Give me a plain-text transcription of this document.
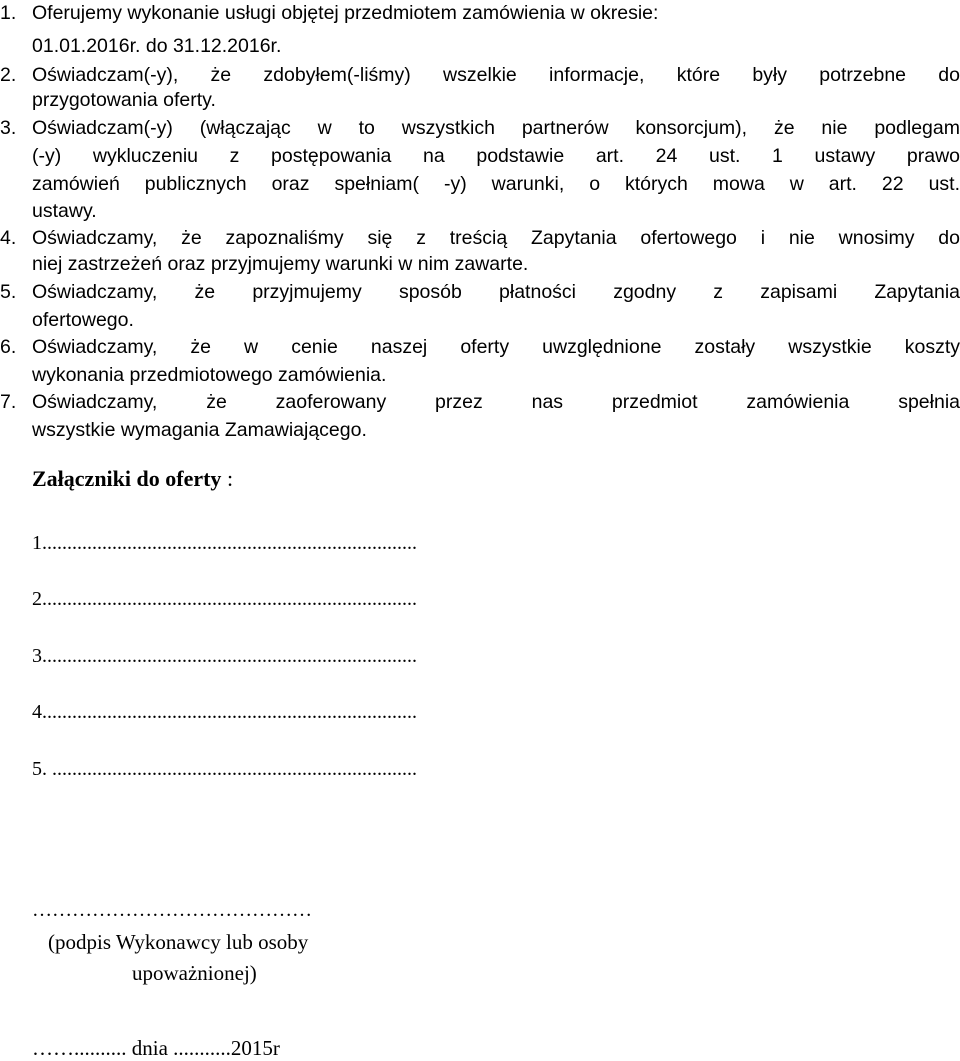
1. Oferujemy wykonanie usługi objętej przedmiotem zamówienia w okresie:
01.01.2016r. do 31.12.2016r.
2. Oświadczam(-y), że zdobyłem(-liśmy) wszelkie informacje, które były potrzebne do
przygotowania oferty.
3. Oświadczam(-y) (włączając w to wszystkich partnerów konsorcjum), że nie podlegam
(-y) wykluczeniu z postępowania na podstawie art. 24 ust. 1 ustawy prawo
zamówień publicznych oraz spełniam( -y) warunki, o których mowa w art. 22 ust.
ustawy.
4. Oświadczamy, że zapoznaliśmy się z treścią Zapytania ofertowego i nie wnosimy do
niej zastrzeżeń oraz przyjmujemy warunki w nim zawarte.
5. Oświadczamy, że przyjmujemy sposób płatności zgodny z zapisami Zapytania
ofertowego.
6. Oświadczamy, że w cenie naszej oferty uwzględnione zostały wszystkie koszty
wykonania przedmiotowego zamówienia.
7. Oświadczamy, że zaoferowany przez nas przedmiot zamówienia spełnia
wszystkie wymagania Zamawiającego.
Załączniki do oferty :
1...........................................................................
2...........................................................................
3...........................................................................
4...........................................................................
5. .........................................................................
……………………………………
(podpis Wykonawcy lub osoby
upoważnionej)
…….......... dnia ...........2015r
